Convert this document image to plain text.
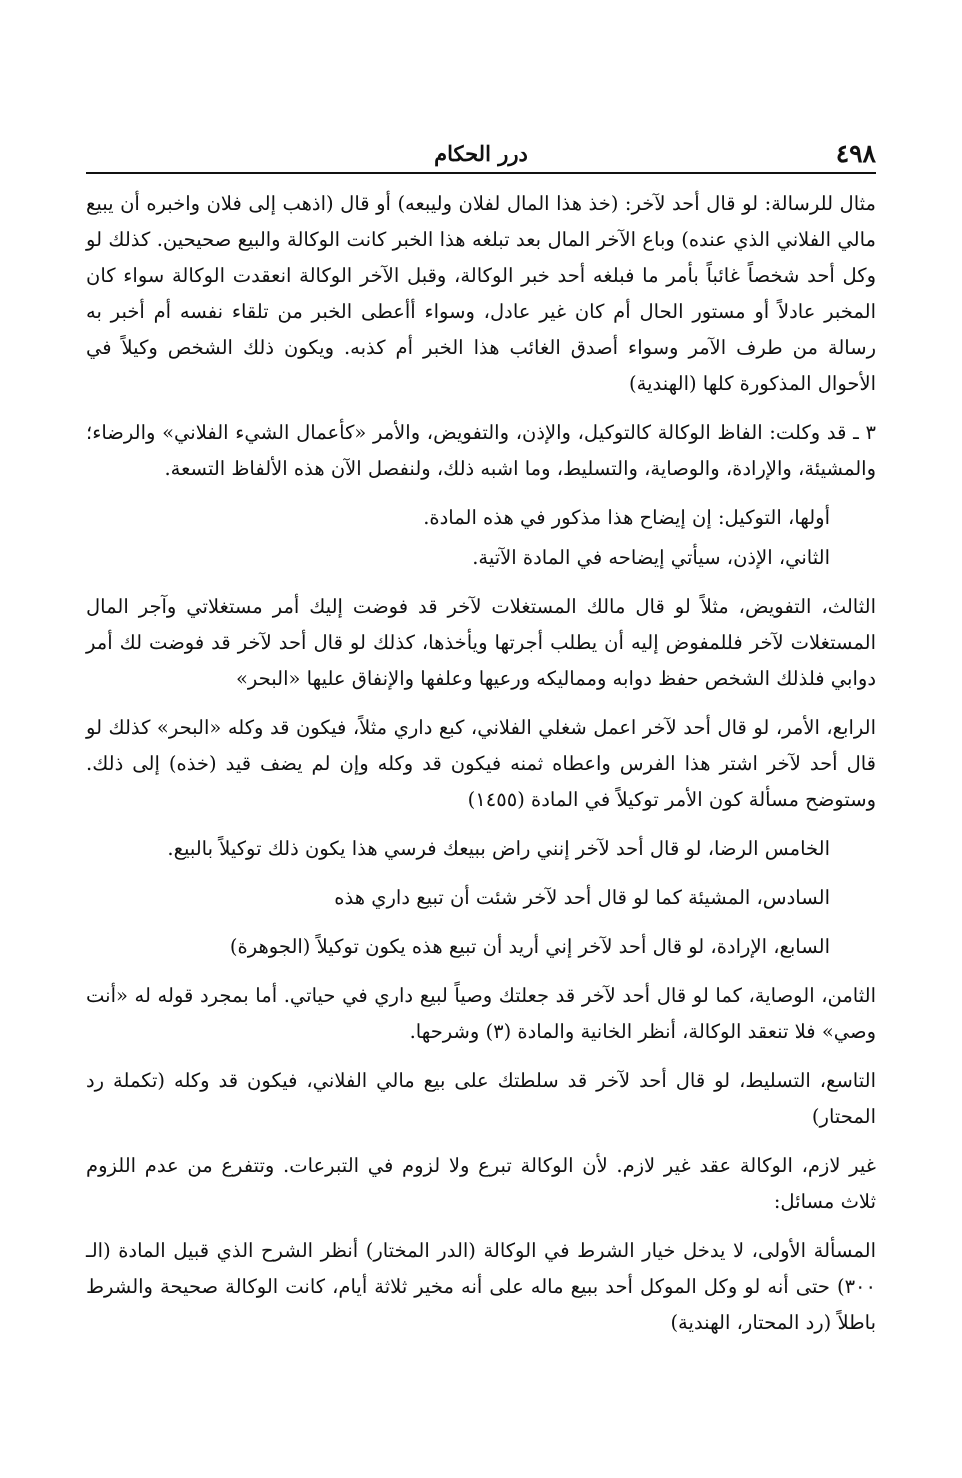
٤٩٨
درر الحكام

مثال للرسالة: لو قال أحد لآخر: (خذ هذا المال لفلان وليبعه) أو قال (اذهب إلى فلان واخبره أن يبيع مالي الفلاني الذي عنده) وباع الآخر المال بعد تبلغه هذا الخبر كانت الوكالة والبيع صحيحين. كذلك لو وكل أحد شخصاً غائباً بأمر ما فبلغه أحد خبر الوكالة، وقبل الآخر الوكالة انعقدت الوكالة سواء كان المخبر عادلاً أو مستور الحال أم كان غير عادل، وسواء أأعطى الخبر من تلقاء نفسه أم أخبر به رسالة من طرف الآمر وسواء أصدق الغائب هذا الخبر أم كذبه. ويكون ذلك الشخص وكيلاً في الأحوال المذكورة كلها (الهندية)

٣ ـ قد وكلت: الفاظ الوكالة كالتوكيل، والإذن، والتفويض، والأمر «كأعمال الشيء الفلاني» والرضاء؛ والمشيئة، والإرادة، والوصاية، والتسليط، وما اشبه ذلك، ولنفصل الآن هذه الألفاظ التسعة.

أولها، التوكيل: إن إيضاح هذا مذكور في هذه المادة.

الثاني، الإذن، سيأتي إيضاحه في المادة الآتية.

الثالث، التفويض، مثلاً لو قال مالك المستغلات لآخر قد فوضت إليك أمر مستغلاتي وآجر المال المستغلات لآخر فللمفوض إليه أن يطلب أجرتها ويأخذها، كذلك لو قال أحد لآخر قد فوضت لك أمر دوابي فلذلك الشخص حفظ دوابه ومماليكه ورعيها وعلفها والإنفاق عليها «البحر»

الرابع، الأمر، لو قال أحد لآخر اعمل شغلي الفلاني، كبع داري مثلاً، فيكون قد وكله «البحر» كذلك لو قال أحد لآخر اشتر هذا الفرس واعطاه ثمنه فيكون قد وكله وإن لم يضف قيد (خذه) إلى ذلك. وستوضح مسألة كون الأمر توكيلاً في المادة (١٤٥٥)

الخامس الرضا، لو قال أحد لآخر إنني راض ببيعك فرسي هذا يكون ذلك توكيلاً بالبيع.

السادس، المشيئة كما لو قال أحد لآخر شئت أن تبيع داري هذه

السابع، الإرادة، لو قال أحد لآخر إني أريد أن تبيع هذه يكون توكيلاً (الجوهرة)

الثامن، الوصاية، كما لو قال أحد لآخر قد جعلتك وصياً لبيع داري في حياتي. أما بمجرد قوله له «أنت وصي» فلا تنعقد الوكالة، أنظر الخانية والمادة (٣) وشرحها.

التاسع، التسليط، لو قال أحد لآخر قد سلطتك على بيع مالي الفلاني، فيكون قد وكله (تكملة رد المحتار)

غير لازم، الوكالة عقد غير لازم. لأن الوكالة تبرع ولا لزوم في التبرعات. وتتفرع من عدم اللزوم ثلاث مسائل:

المسألة الأولى، لا يدخل خيار الشرط في الوكالة (الدر المختار) أنظر الشرح الذي قبيل المادة (الـ ٣٠٠) حتى أنه لو وكل الموكل أحد ببيع ماله على أنه مخير ثلاثة أيام، كانت الوكالة صحيحة والشرط باطلاً (رد المحتار، الهندية)
